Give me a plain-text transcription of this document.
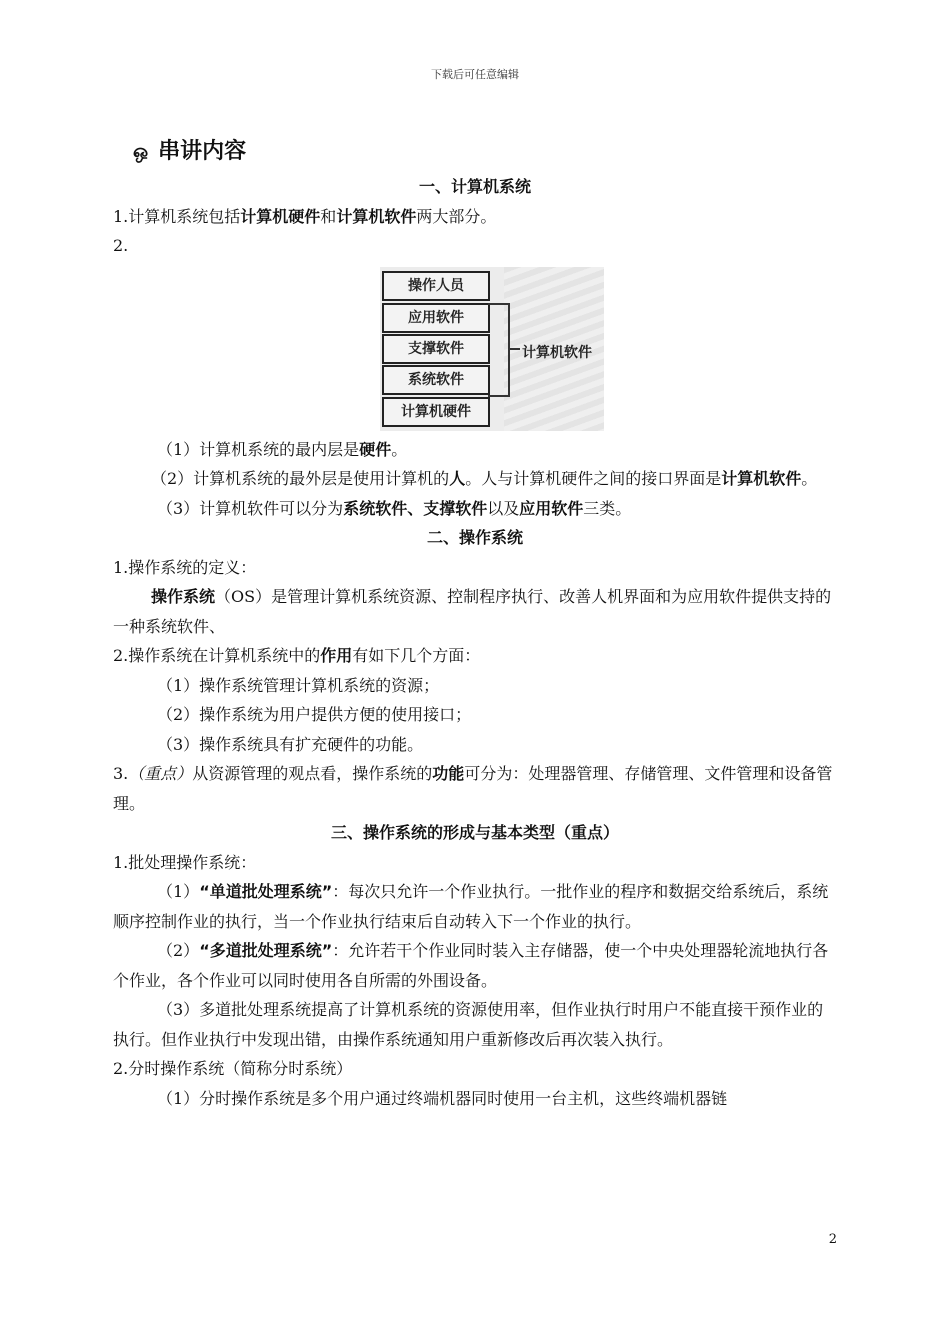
下载后可任意编辑
ஒ 串讲内容

一、计算机系统

1.计算机系统包括计算机硬件和计算机软件两大部分。

2.

操作人员
应用软件
支撑软件
系统软件
计算机硬件
计算机软件

（1）计算机系统的最内层是硬件。

（2）计算机系统的最外层是使用计算机的人。人与计算机硬件之间的接口界面是计算机软件。

（3）计算机软件可以分为系统软件、支撑软件以及应用软件三类。

二、操作系统

1.操作系统的定义：

操作系统（OS）是管理计算机系统资源、控制程序执行、改善人机界面和为应用软件提供支持的一种系统软件、

2.操作系统在计算机系统中的作用有如下几个方面：

（1）操作系统管理计算机系统的资源；

（2）操作系统为用户提供方便的使用接口；

（3）操作系统具有扩充硬件的功能。

3.（重点）从资源管理的观点看，操作系统的功能可分为：处理器管理、存储管理、文件管理和设备管理。

三、操作系统的形成与基本类型（重点）

1.批处理操作系统：

（1）“单道批处理系统”：每次只允许一个作业执行。一批作业的程序和数据交给系统后，系统顺序控制作业的执行，当一个作业执行结束后自动转入下一个作业的执行。

（2）“多道批处理系统”：允许若干个作业同时装入主存储器，使一个中央处理器轮流地执行各个作业，各个作业可以同时使用各自所需的外围设备。

（3）多道批处理系统提高了计算机系统的资源使用率，但作业执行时用户不能直接干预作业的执行。但作业执行中发现出错，由操作系统通知用户重新修改后再次装入执行。

2.分时操作系统（简称分时系统）

（1）分时操作系统是多个用户通过终端机器同时使用一台主机，这些终端机器链

2
